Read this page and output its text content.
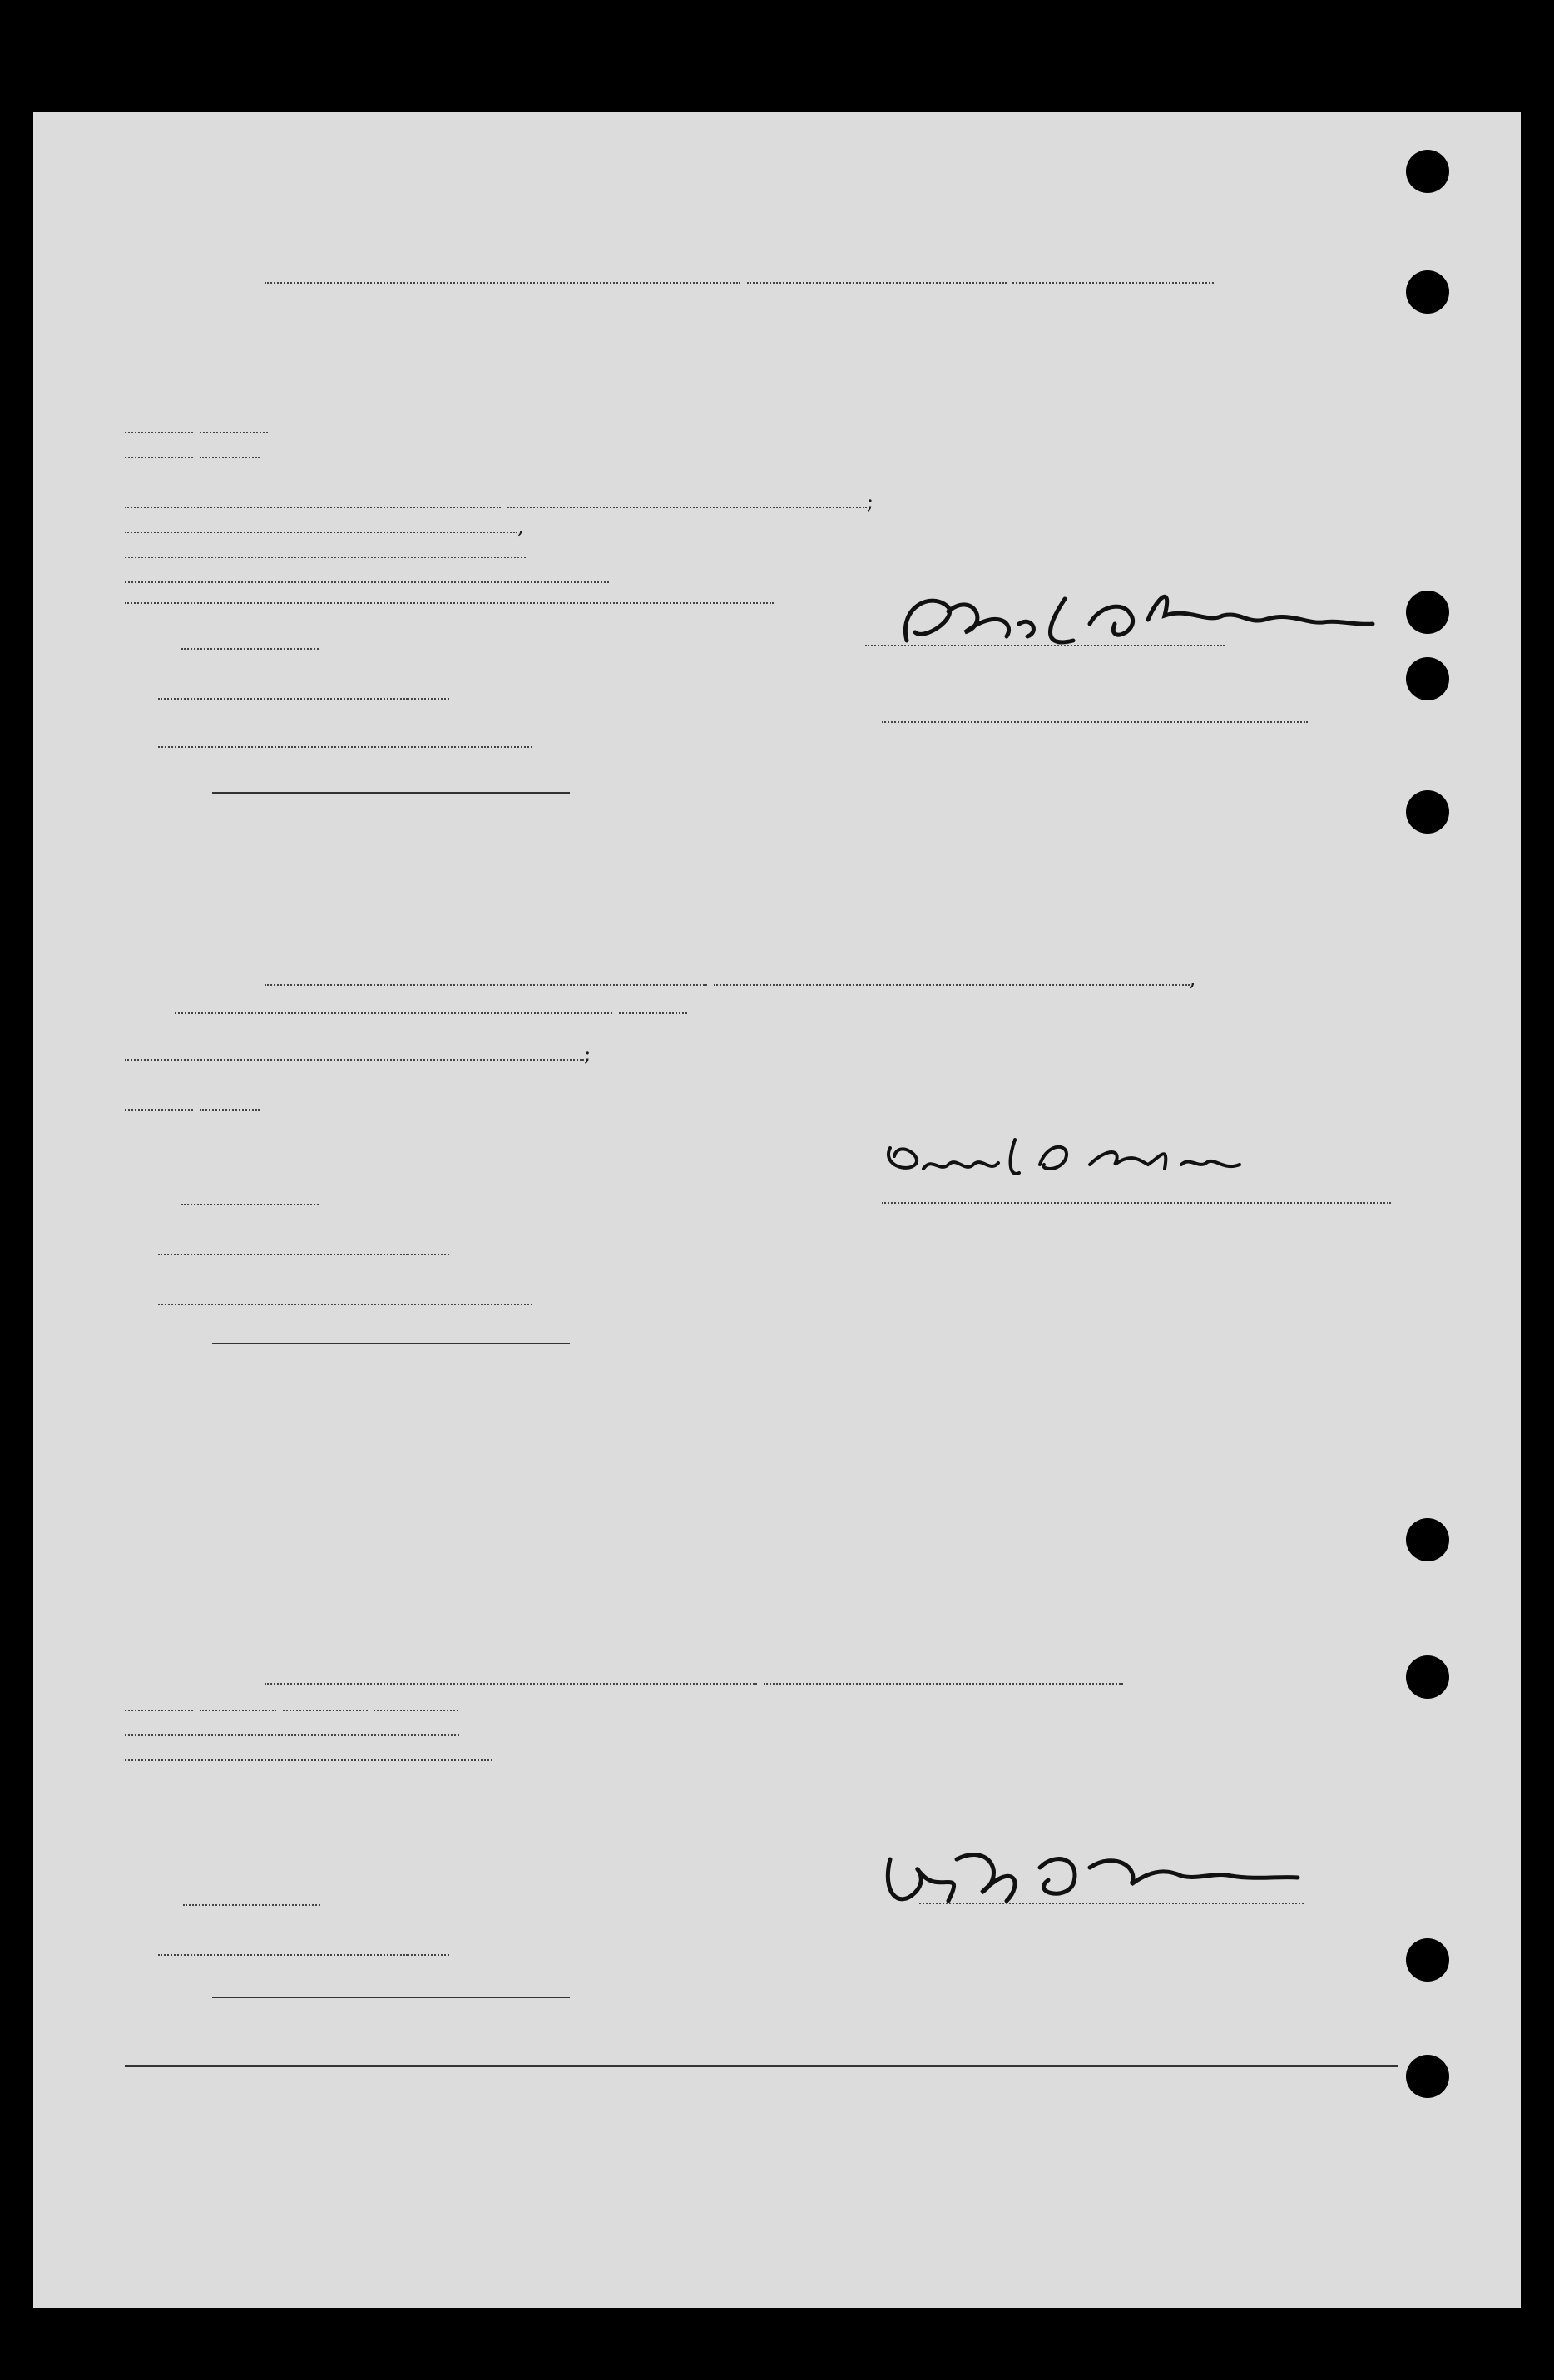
;
,
,

;
